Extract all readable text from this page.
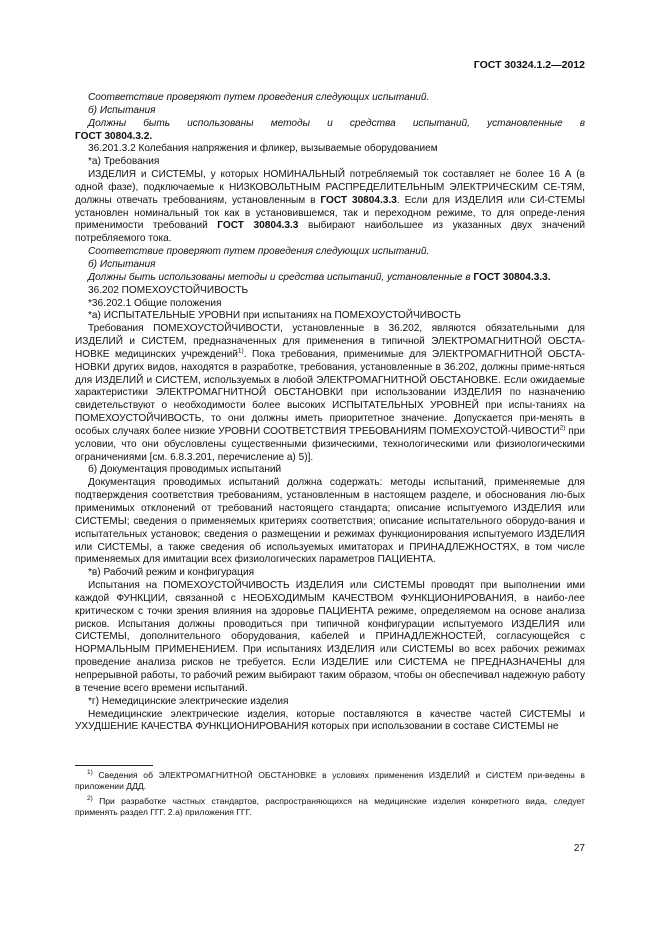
ГОСТ 30324.1.2—2012

Соответствие проверяют путем проведения следующих испытаний.

б) Испытания

Должны быть использованы методы и средства испытаний, установленные в

ГОСТ 30804.3.2.

36.201.3.2 Колебания напряжения и фликер, вызываемые оборудованием

*а) Требования

ИЗДЕЛИЯ и СИСТЕМЫ, у которых НОМИНАЛЬНЫЙ потребляемый ток составляет не более 16 А (в одной фазе), подключаемые к НИЗКОВОЛЬТНЫМ РАСПРЕДЕЛИТЕЛЬНЫМ ЭЛЕКТРИЧЕСКИМ СЕ-ТЯМ, должны отвечать требованиям, установленным в ГОСТ 30804.3.3. Если для ИЗДЕЛИЯ или СИ-СТЕМЫ установлен номинальный ток как в установившемся, так и переходном режиме, то для опреде-ления применимости требований ГОСТ 30804.3.3 выбирают наибольшее из указанных двух значений потребляемого тока.

Соответствие проверяют путем проведения следующих испытаний.

б) Испытания

Должны быть использованы методы и средства испытаний, установленные в ГОСТ 30804.3.3.

36.202 ПОМЕХОУСТОЙЧИВОСТЬ

*36.202.1 Общие положения

*а) ИСПЫТАТЕЛЬНЫЕ УРОВНИ при испытаниях на ПОМЕХОУСТОЙЧИВОСТЬ

Требования ПОМЕХОУСТОЙЧИВОСТИ, установленные в 36.202, являются обязательными для ИЗДЕЛИЙ и СИСТЕМ, предназначенных для применения в типичной ЭЛЕКТРОМАГНИТНОЙ ОБСТА-НОВКЕ медицинских учреждений$^{1)}$. Пока требования, применимые для ЭЛЕКТРОМАГНИТНОЙ ОБСТА-НОВКИ других видов, находятся в разработке, требования, установленные в 36.202, должны приме-няться для ИЗДЕЛИЙ и СИСТЕМ, используемых в любой ЭЛЕКТРОМАГНИТНОЙ ОБСТАНОВКЕ. Если ожидаемые характеристики ЭЛЕКТРОМАГНИТНОЙ ОБСТАНОВКИ при использовании ИЗДЕЛИЯ по назначению свидетельствуют о необходимости более высоких ИСПЫТАТЕЛЬНЫХ УРОВНЕЙ при испы-таниях на ПОМЕХОУСТОЙЧИВОСТЬ, то они должны иметь приоритетное значение. Допускается при-менять в особых случаях более низкие УРОВНИ СООТВЕТСТВИЯ ТРЕБОВАНИЯМ ПОМЕХОУСТОЙ-ЧИВОСТИ$^{2)}$ при условии, что они обусловлены существенными физическими, технологическими или физиологическими ограничениями [см. 6.8.3.201, перечисление а) 5)].

б) Документация проводимых испытаний

Документация проводимых испытаний должна содержать: методы испытаний, применяемые для подтверждения соответствия требованиям, установленным в настоящем разделе, и обоснования лю-бых применимых отклонений от требований настоящего стандарта; описание испытуемого ИЗДЕЛИЯ или СИСТЕМЫ; сведения о применяемых критериях соответствия; описание испытательного оборудо-вания и испытательных установок; сведения о размещении и режимах функционирования испытуемого ИЗДЕЛИЯ или СИСТЕМЫ, а также сведения об используемых имитаторах и ПРИНАДЛЕЖНОСТЯХ, в том числе применяемых для имитации всех физиологических параметров ПАЦИЕНТА.

*в) Рабочий режим и конфигурация

Испытания на ПОМЕХОУСТОЙЧИВОСТЬ ИЗДЕЛИЯ или СИСТЕМЫ проводят при выполнении ими каждой ФУНКЦИИ, связанной с НЕОБХОДИМЫМ КАЧЕСТВОМ ФУНКЦИОНИРОВАНИЯ, в наибо-лее критическом с точки зрения влияния на здоровье ПАЦИЕНТА режиме, определяемом на основе анализа рисков. Испытания должны проводиться при типичной конфигурации испытуемого ИЗДЕЛИЯ или СИСТЕМЫ, дополнительного оборудования, кабелей и ПРИНАДЛЕЖНОСТЕЙ, согласующейся с НОРМАЛЬНЫМ ПРИМЕНЕНИЕМ. При испытаниях ИЗДЕЛИЯ или СИСТЕМЫ во всех рабочих режимах проведение анализа рисков не требуется. Если ИЗДЕЛИЕ или СИСТЕМА не ПРЕДНАЗНАЧЕНЫ для непрерывной работы, то рабочий режим выбирают таким образом, чтобы он обеспечивал надежную работу в течение всего времени испытаний.

*г) Немедицинские электрические изделия

Немедицинские электрические изделия, которые поставляются в качестве частей СИСТЕМЫ и УХУДШЕНИЕ КАЧЕСТВА ФУНКЦИОНИРОВАНИЯ которых при использовании в составе СИСТЕМЫ не

$^{1)}$ Сведения об ЭЛЕКТРОМАГНИТНОЙ ОБСТАНОВКЕ в условиях применения ИЗДЕЛИЙ и СИСТЕМ при-ведены в приложении ДДД.

$^{2)}$ При разработке частных стандартов, распространяющихся на медицинские изделия конкретного вида, следует применять раздел ГГГ. 2.а) приложения ГГГ.

27
